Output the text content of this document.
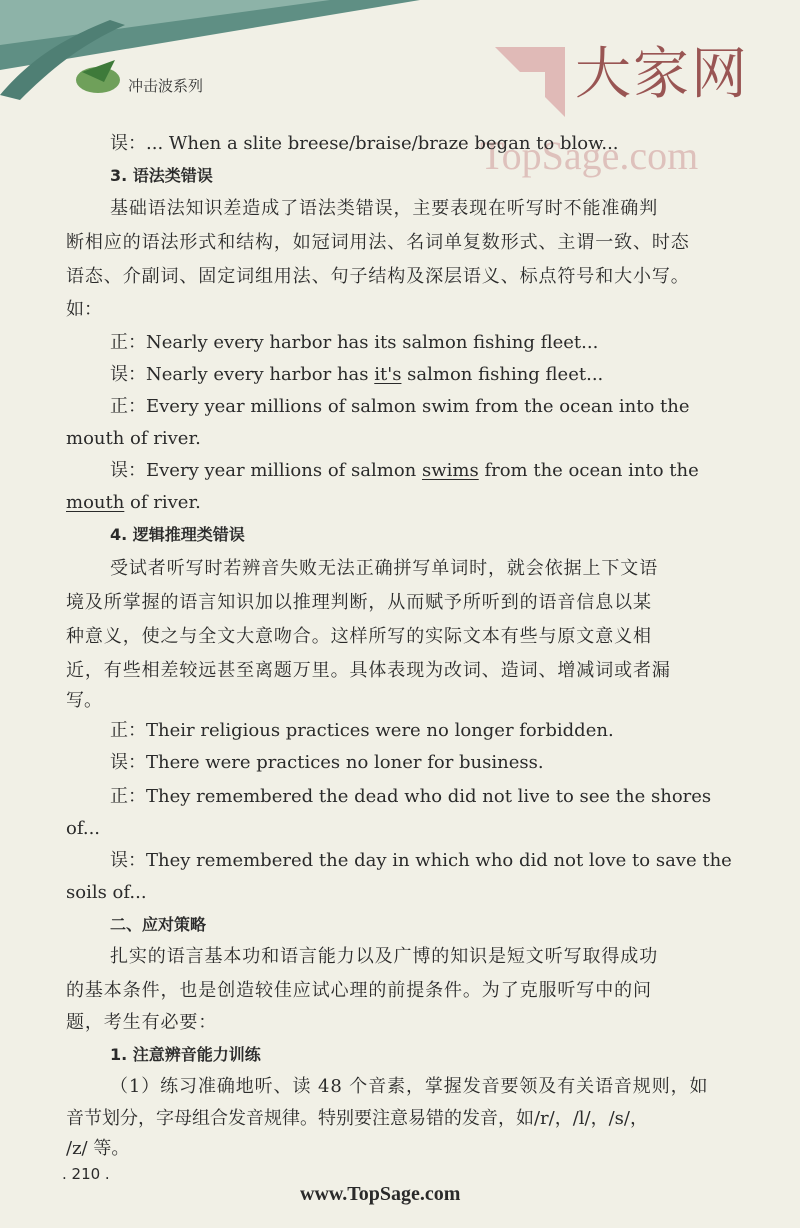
冲击波系列	大家网
TopSage.com
误：... When a slite breese/braise/braze began to blow...
3. 语法类错误
基础语法知识差造成了语法类错误，主要表现在听写时不能准确判
断相应的语法形式和结构，如冠词用法、名词单复数形式、主谓一致、时态
语态、介副词、固定词组用法、句子结构及深层语义、标点符号和大小写。
如：
正：Nearly every harbor has its salmon fishing fleet...
误：Nearly every harbor has it's salmon fishing fleet...
正：Every year millions of salmon swim from the ocean into the
mouth of river.
误：Every year millions of salmon swims from the ocean into the
mouth of river.
4. 逻辑推理类错误
受试者听写时若辨音失败无法正确拼写单词时，就会依据上下文语
境及所掌握的语言知识加以推理判断，从而赋予所听到的语音信息以某
种意义，使之与全文大意吻合。这样所写的实际文本有些与原文意义相
近，有些相差较远甚至离题万里。具体表现为改词、造词、增减词或者漏
写。
正：Their religious practices were no longer forbidden.
误：There were practices no loner for business.
正：They remembered the dead who did not live to see the shores
of...
误：They remembered the day in which who did not love to save the
soils of...
二、应对策略
扎实的语言基本功和语言能力以及广博的知识是短文听写取得成功
的基本条件，也是创造较佳应试心理的前提条件。为了克服听写中的问
题，考生有必要：
1. 注意辨音能力训练
（1）练习准确地听、读 48 个音素，掌握发音要领及有关语音规则，如
音节划分，字母组合发音规律。特别要注意易错的发音，如/r/，/l/，/s/，
/z/ 等。
. 210 .
www.TopSage.com
